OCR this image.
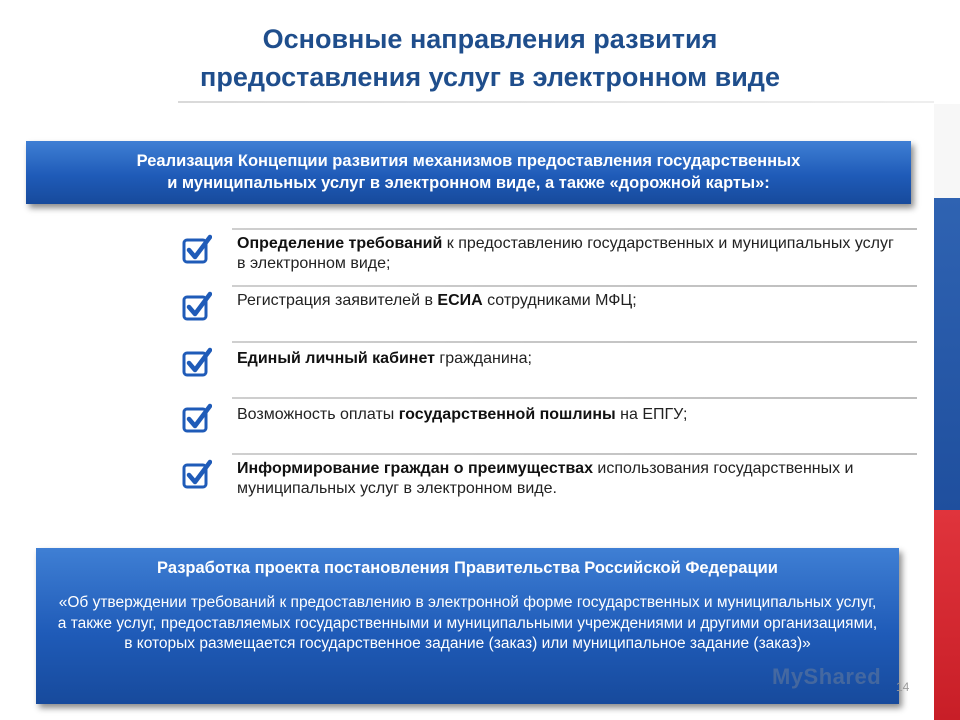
Основные направления развития
предоставления услуг в электронном виде
Реализация Концепции развития механизмов предоставления государственных
и муниципальных услуг в электронном виде, а также «дорожной карты»:
Определение требований к предоставлению государственных и муниципальных услуг в электронном виде;
Регистрация заявителей в ЕСИА сотрудниками МФЦ;
Единый личный кабинет гражданина;
Возможность оплаты государственной пошлины на ЕПГУ;
Информирование граждан о преимуществах использования государственных и муниципальных услуг в электронном виде.
Разработка проекта постановления Правительства Российской Федерации
«Об утверждении требований к предоставлению в электронной форме государственных и муниципальных услуг, а также услуг, предоставляемых государственными и муниципальными учреждениями и другими организациями, в которых размещается государственное задание (заказ) или муниципальное задание (заказ)»
MyShared 14
